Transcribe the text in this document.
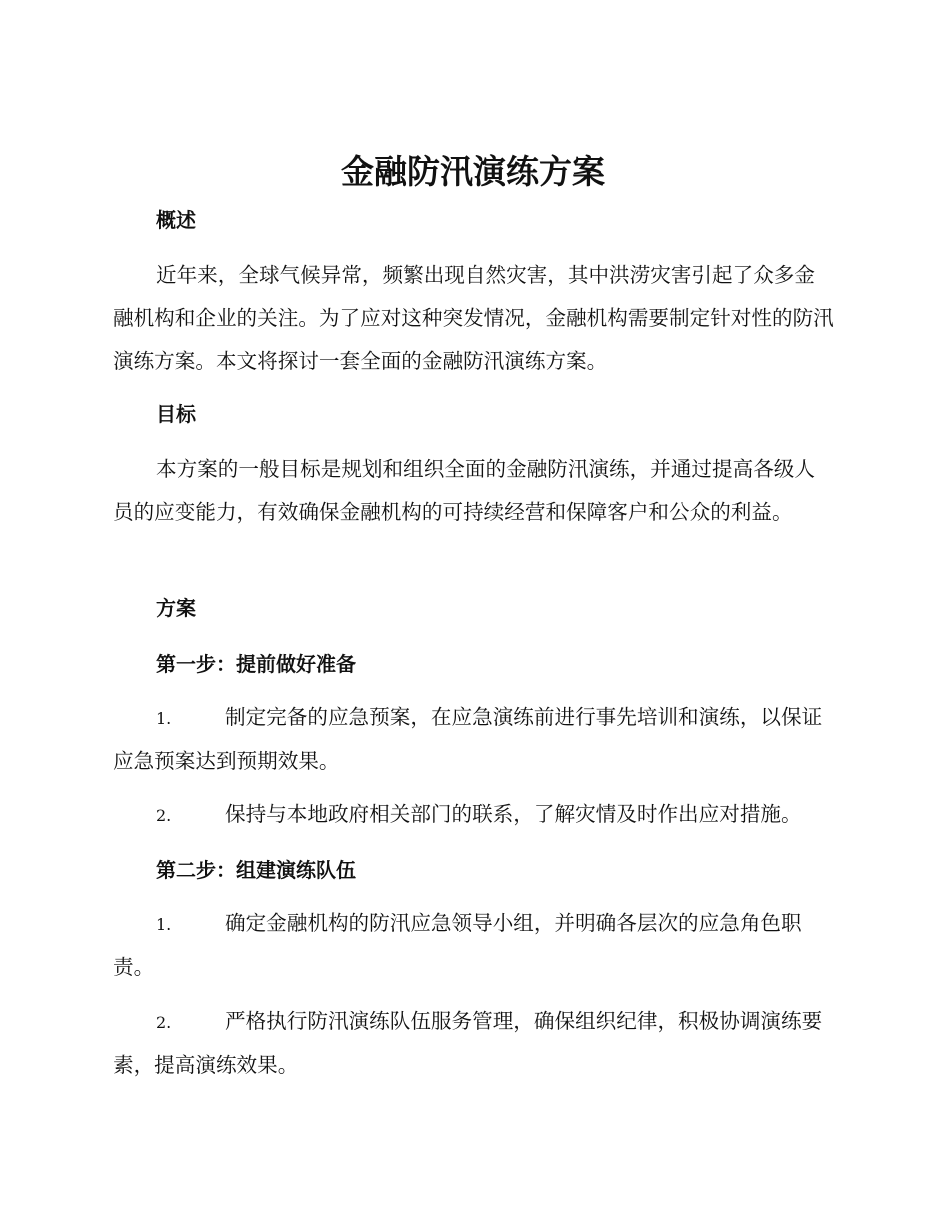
金融防汛演练方案
概述

近年来，全球气候异常，频繁出现自然灾害，其中洪涝灾害引起了众多金融机构和企业的关注。为了应对这种突发情况，金融机构需要制定针对性的防汛演练方案。本文将探讨一套全面的金融防汛演练方案。

目标

本方案的一般目标是规划和组织全面的金融防汛演练，并通过提高各级人员的应变能力，有效确保金融机构的可持续经营和保障客户和公众的利益。

方案
第一步：提前做好准备

1.	制定完备的应急预案，在应急演练前进行事先培训和演练，以保证应急预案达到预期效果。

2.	保持与本地政府相关部门的联系，了解灾情及时作出应对措施。

第二步：组建演练队伍

1.	确定金融机构的防汛应急领导小组，并明确各层次的应急角色职责。

2.	严格执行防汛演练队伍服务管理，确保组织纪律，积极协调演练要素，提高演练效果。
